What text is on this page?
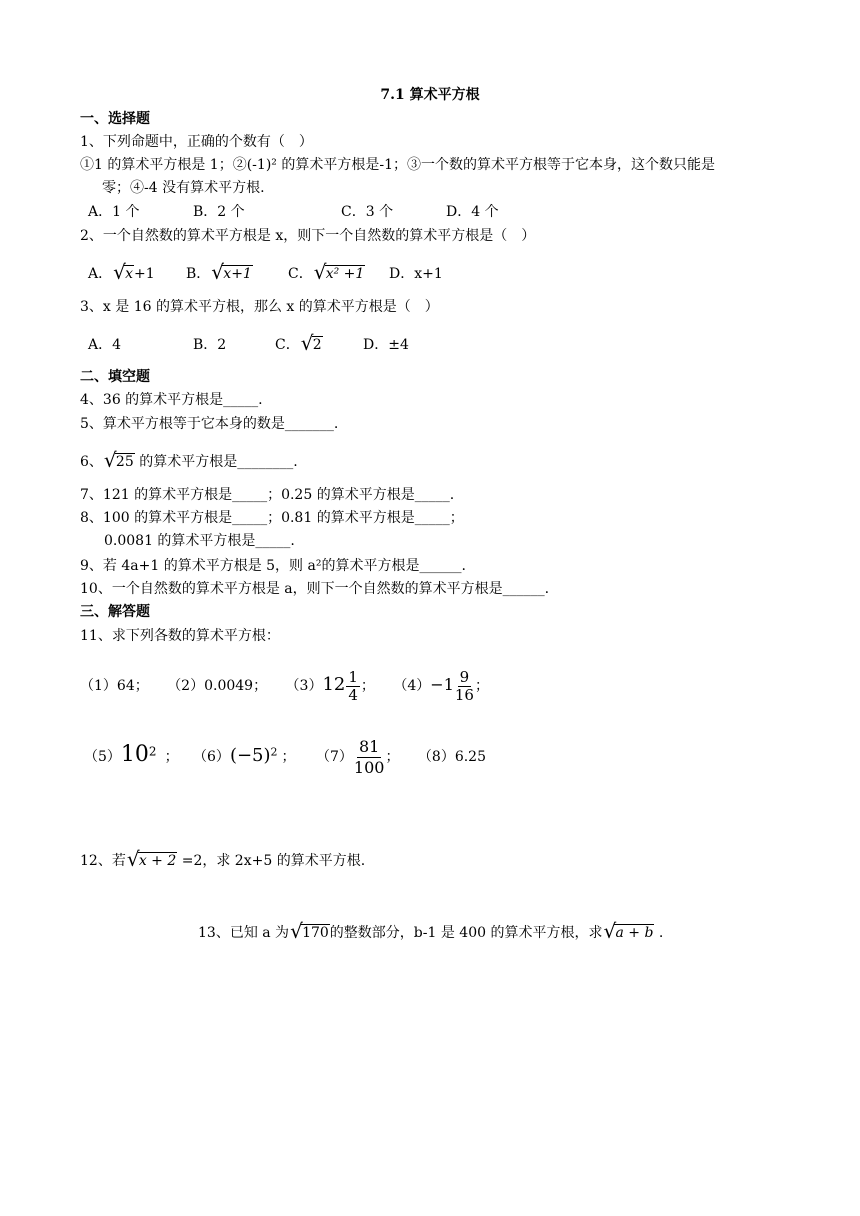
7.1 算术平方根
一、选择题
1、下列命题中，正确的个数有（　）
①1 的算术平方根是 1；②(-1)² 的算术平方根是-1；③一个数的算术平方根等于它本身，这个数只能是
零；④-4 没有算术平方根.
A．1 个	B．2 个	C．3 个	D．4 个
2、一个自然数的算术平方根是 x，则下一个自然数的算术平方根是（　）
A． √ x+1 B． √ x+1	C． √ x² +1 D．x+1
3、x 是 16 的算术平方根，那么 x 的算术平方根是（　）
A．4	B．2	C． √ 2	D．±4
二、填空题
4、36 的算术平方根是_____.
5、算术平方根等于它本身的数是_______.
6、 √ 25 的算术平方根是________.
7、121 的算术平方根是_____；0.25 的算术平方根是_____.
8、100 的算术平方根是_____；0.81 的算术平方根是_____；
0.0081 的算术平方根是_____.
9、若 4a+1 的算术平方根是 5，则 a²的算术平方根是______.
10、一个自然数的算术平方根是 a，则下一个自然数的算术平方根是______.
三、解答题
11、求下列各数的算术平方根：
（1）64； （2）0.0049； $(3)12 \frac{1}{4}$ ； $(4)-1 \frac{9}{16}$ ；
$(5)10^2$ ； $(6)(-5)^2$ ； $(7) \frac{81}{100}$ ； （8）6.25
12、若 √ x + 2 =2，求 2x+5 的算术平方根.
13、已知 a 为 √ 170的整数部分，b-1 是 400 的算术平方根，求 √ a + b .
